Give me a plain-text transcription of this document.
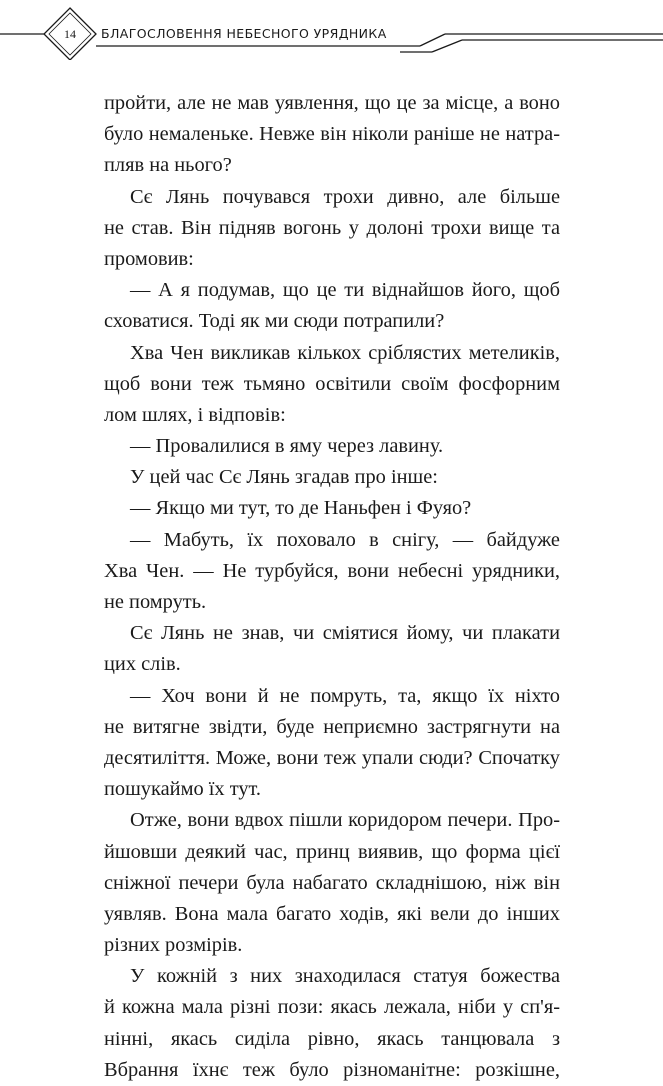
14	БЛАГОСЛОВЕННЯ НЕБЕСНОГО УРЯДНИКА
пройти, але не мав уявлення, що це за місце, а воно
було немаленьке. Невже він ніколи раніше не натра-
пляв на нього?
Сє Лянь почувався трохи дивно, але більше
не став. Він підняв вогонь у долоні трохи вище та
промовив:
— А я подумав, що це ти віднайшов його, щоб
сховатися. Тоді як ми сюди потрапили?
Хва Чен викликав кількох сріблястих метеликів,
щоб вони теж тьмяно освітили своїм фосфорним
лом шлях, і відповів:
— Провалилися в яму через лавину.
У цей час Сє Лянь згадав про інше:
— Якщо ми тут, то де Наньфен і Фуяо?
— Мабуть, їх поховало в снігу, — байдуже
Хва Чен. — Не турбуйся, вони небесні урядники,
не помруть.
Сє Лянь не знав, чи сміятися йому, чи плакати
цих слів.
— Хоч вони й не помруть, та, якщо їх ніхто
не витягне звідти, буде неприємно застрягнути на
десятиліття. Може, вони теж упали сюди? Спочатку
пошукаймо їх тут.
Отже, вони вдвох пішли коридором печери. Про-
йшовши деякий час, принц виявив, що форма цієї
сніжної печери була набагато складнішою, ніж він
уявляв. Вона мала багато ходів, які вели до інших
різних розмірів.
У кожній з них знаходилася статуя божества
й кожна мала різні пози: якась лежала, ніби у сп'я-
нінні, якась сиділа рівно, якась танцювала з
Вбрання їхнє теж було різноманітне: розкішне,
